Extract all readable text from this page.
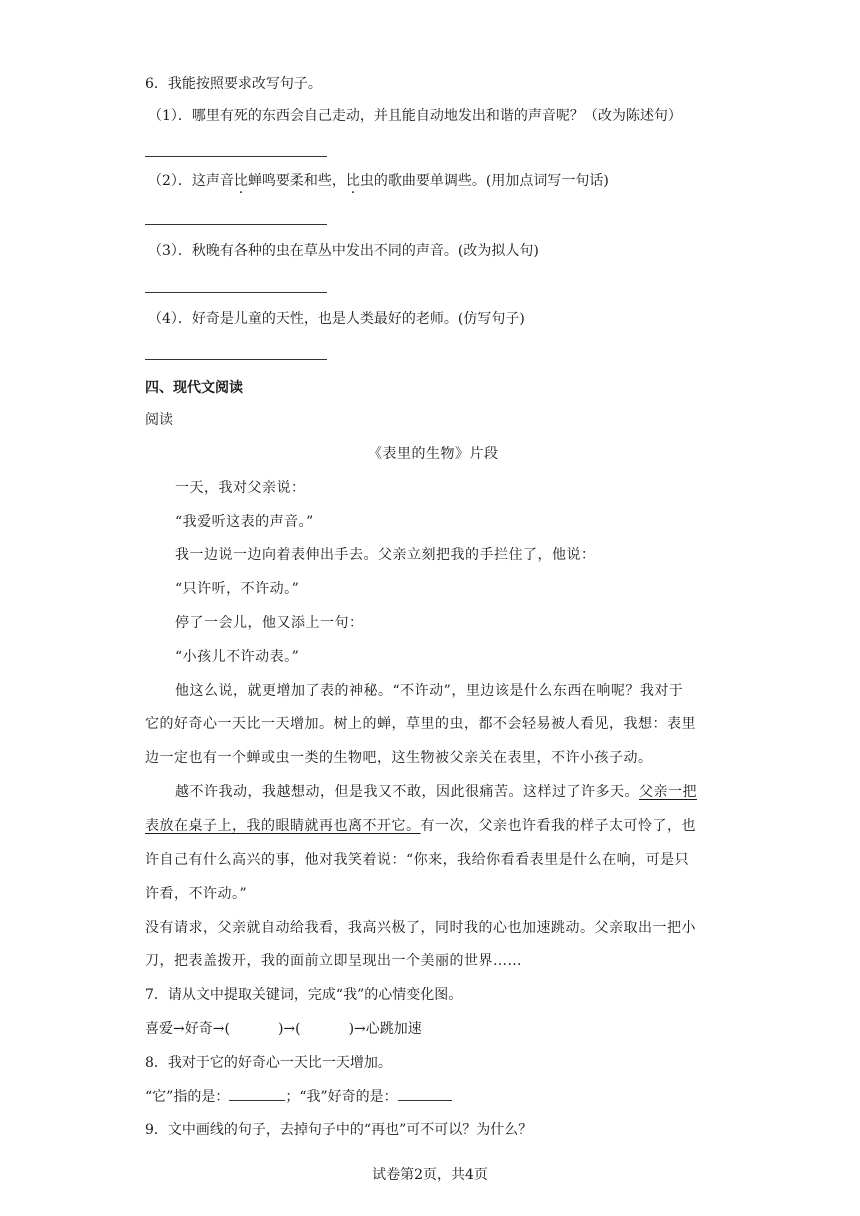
6．我能按照要求改写句子。
（1）．哪里有死的东西会自己走动，并且能自动地发出和谐的声音呢？（改为陈述句）
（2）．这声音比蝉鸣要柔和些，比虫的歌曲要单调些。(用加点词写一句话)
（3）．秋晚有各种的虫在草丛中发出不同的声音。(改为拟人句)
（4）．好奇是儿童的天性，也是人类最好的老师。(仿写句子)
四、现代文阅读
阅读
《表里的生物》片段
一天，我对父亲说：
“我爱听这表的声音。”
我一边说一边向着表伸出手去。父亲立刻把我的手拦住了，他说：
“只许听，不许动。”
停了一会儿，他又添上一句：
“小孩儿不许动表。”
他这么说，就更增加了表的神秘。“不许动”，里边该是什么东西在响呢？我对于
它的好奇心一天比一天增加。树上的蝉，草里的虫，都不会轻易被人看见，我想：表里
边一定也有一个蝉或虫一类的生物吧，这生物被父亲关在表里，不许小孩子动。
越不许我动，我越想动，但是我又不敢，因此很痛苦。这样过了许多天。父亲一把
表放在桌子上，我的眼睛就再也离不开它。有一次，父亲也许看我的样子太可怜了，也
许自己有什么高兴的事，他对我笑着说：“你来，我给你看看表里是什么在响，可是只
许看，不许动。”
没有请求，父亲就自动给我看，我高兴极了，同时我的心也加速跳动。父亲取出一把小
刀，把表盖拨开，我的面前立即呈现出一个美丽的世界……
7．请从文中提取关键词，完成“我”的心情变化图。
喜爱→好奇→(	)→(	)→心跳加速
8．我对于它的好奇心一天比一天增加。
“它”指的是：	；“我”好奇的是：
9．文中画线的句子，去掉句子中的“再也”可不可以？为什么？
试卷第2页，共4页
